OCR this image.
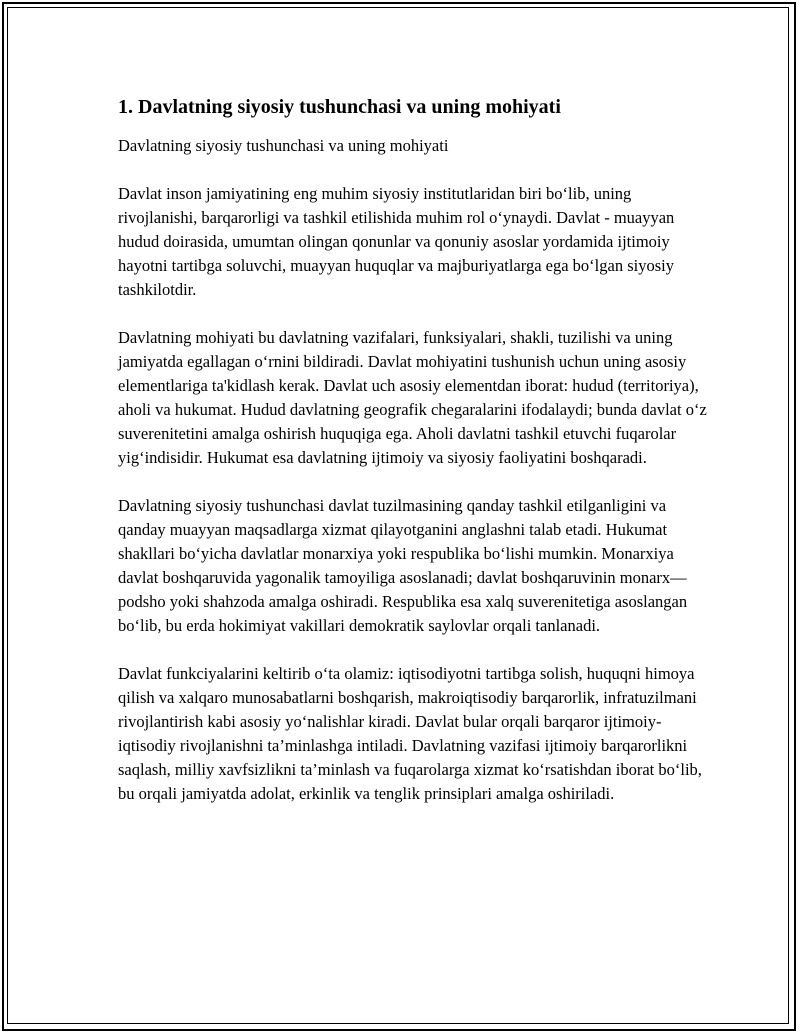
1. Davlatning siyosiy tushunchasi va uning mohiyati

Davlatning siyosiy tushunchasi va uning mohiyati

Davlat inson jamiyatining eng muhim siyosiy institutlaridan biri bo‘lib, uning rivojlanishi, barqarorligi va tashkil etilishida muhim rol o‘ynaydi. Davlat - muayyan hudud doirasida, umumtan olingan qonunlar va qonuniy asoslar yordamida ijtimoiy hayotni tartibga soluvchi, muayyan huquqlar va majburiyatlarga ega bo‘lgan siyosiy tashkilotdir.

Davlatning mohiyati bu davlatning vazifalari, funksiyalari, shakli, tuzilishi va uning jamiyatda egallagan o‘rnini bildiradi. Davlat mohiyatini tushunish uchun uning asosiy elementlariga ta'kidlash kerak. Davlat uch asosiy elementdan iborat: hudud (territoriya), aholi va hukumat. Hudud davlatning geografik chegaralarini ifodalaydi; bunda davlat o‘z suverenitetini amalga oshirish huquqiga ega. Aholi davlatni tashkil etuvchi fuqarolar yig‘indisidir. Hukumat esa davlatning ijtimoiy va siyosiy faoliyatini boshqaradi.

Davlatning siyosiy tushunchasi davlat tuzilmasining qanday tashkil etilganligini va qanday muayyan maqsadlarga xizmat qilayotganini anglashni talab etadi. Hukumat shakllari bo‘yicha davlatlar monarxiya yoki respublika bo‘lishi mumkin. Monarxiya davlat boshqaruvida yagonalik tamoyiliga asoslanadi; davlat boshqaruvinin monarx—podsho yoki shahzoda amalga oshiradi. Respublika esa xalq suverenitetiga asoslangan bo‘lib, bu erda hokimiyat vakillari demokratik saylovlar orqali tanlanadi.

Davlat funkciyalarini keltirib o‘ta olamiz: iqtisodiyotni tartibga solish, huquqni himoya qilish va xalqaro munosabatlarni boshqarish, makroiqtisodiy barqarorlik, infratuzilmani rivojlantirish kabi asosiy yo‘nalishlar kiradi. Davlat bular orqali barqaror ijtimoiy-iqtisodiy rivojlanishni ta’minlashga intiladi. Davlatning vazifasi ijtimoiy barqarorlikni saqlash, milliy xavfsizlikni ta’minlash va fuqarolarga xizmat ko‘rsatishdan iborat bo‘lib, bu orqali jamiyatda adolat, erkinlik va tenglik prinsiplari amalga oshiriladi.
